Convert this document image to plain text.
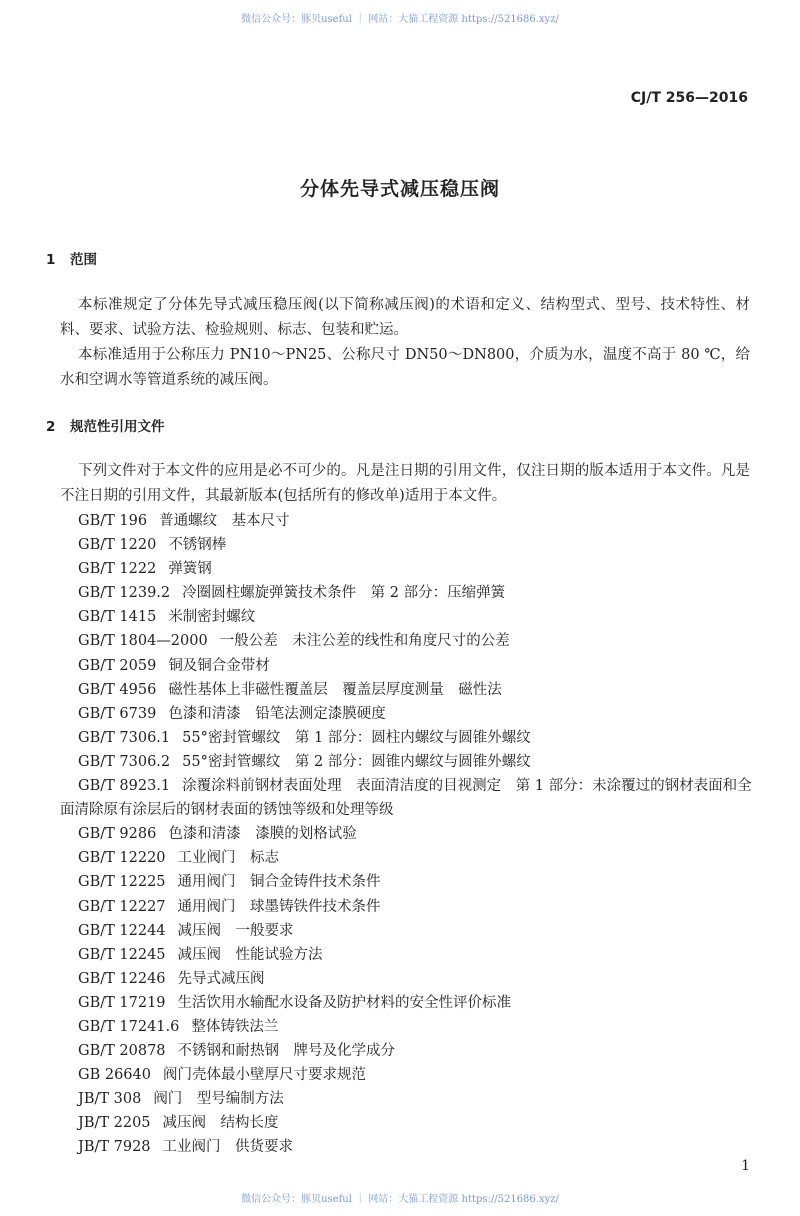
微信公众号：豚贝useful ｜ 网站：大猫工程资源 https://521686.xyz/
CJ/T 256—2016
分体先导式减压稳压阀
1 范围
本标准规定了分体先导式减压稳压阀(以下简称减压阀)的术语和定义、结构型式、型号、技术特性、材料、要求、试验方法、检验规则、标志、包装和贮运。
本标准适用于公称压力 PN10～PN25、公称尺寸 DN50～DN800，介质为水，温度不高于 80 ℃，给水和空调水等管道系统的减压阀。
2 规范性引用文件
下列文件对于本文件的应用是必不可少的。凡是注日期的引用文件，仅注日期的版本适用于本文件。凡是不注日期的引用文件，其最新版本(包括所有的修改单)适用于本文件。
GB/T 196 普通螺纹　基本尺寸
GB/T 1220 不锈钢棒
GB/T 1222 弹簧钢
GB/T 1239.2 冷圈圆柱螺旋弹簧技术条件　第 2 部分：压缩弹簧
GB/T 1415 米制密封螺纹
GB/T 1804—2000 一般公差　未注公差的线性和角度尺寸的公差
GB/T 2059 铜及铜合金带材
GB/T 4956 磁性基体上非磁性覆盖层　覆盖层厚度测量　磁性法
GB/T 6739 色漆和清漆　铅笔法测定漆膜硬度
GB/T 7306.1 55°密封管螺纹　第 1 部分：圆柱内螺纹与圆锥外螺纹
GB/T 7306.2 55°密封管螺纹　第 2 部分：圆锥内螺纹与圆锥外螺纹
GB/T 8923.1 涂覆涂料前钢材表面处理　表面清洁度的目视测定　第 1 部分：未涂覆过的钢材表面和全面清除原有涂层后的钢材表面的锈蚀等级和处理等级
GB/T 9286 色漆和清漆　漆膜的划格试验
GB/T 12220 工业阀门　标志
GB/T 12225 通用阀门　铜合金铸件技术条件
GB/T 12227 通用阀门　球墨铸铁件技术条件
GB/T 12244 减压阀　一般要求
GB/T 12245 减压阀　性能试验方法
GB/T 12246 先导式减压阀
GB/T 17219 生活饮用水输配水设备及防护材料的安全性评价标准
GB/T 17241.6 整体铸铁法兰
GB/T 20878 不锈钢和耐热钢　牌号及化学成分
GB 26640 阀门壳体最小壁厚尺寸要求规范
JB/T 308 阀门　型号编制方法
JB/T 2205 减压阀　结构长度
JB/T 7928 工业阀门　供货要求
1
微信公众号：豚贝useful ｜ 网站：大猫工程资源 https://521686.xyz/
